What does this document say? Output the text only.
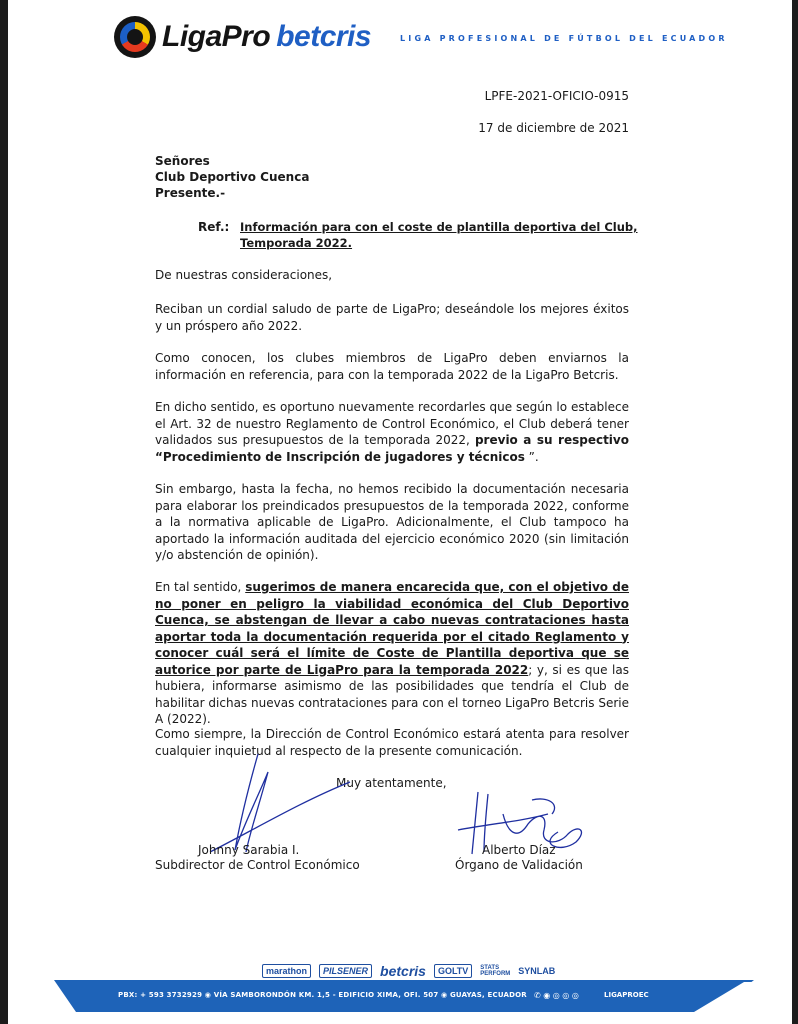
LigaPro betcris	LIGA PROFESIONAL DE FÚTBOL DEL ECUADOR
LPFE-2021-OFICIO-0915
17 de diciembre de 2021
Señores
Club Deportivo Cuenca
Presente.-
Ref.: Información para con el coste de plantilla deportiva del Club,
Temporada 2022.
De nuestras consideraciones,
Reciban un cordial saludo de parte de LigaPro; deseándole los mejores éxitos y un próspero año 2022.
Como conocen, los clubes miembros de LigaPro deben enviarnos la información en referencia, para con la temporada 2022 de la LigaPro Betcris.
En dicho sentido, es oportuno nuevamente recordarles que según lo establece el Art. 32 de nuestro Reglamento de Control Económico, el Club deberá tener validados sus presupuestos de la temporada 2022, previo a su respectivo “Procedimiento de Inscripción de jugadores y técnicos ”.
Sin embargo, hasta la fecha, no hemos recibido la documentación necesaria para elaborar los preindicados presupuestos de la temporada 2022, conforme a la normativa aplicable de LigaPro. Adicionalmente, el Club tampoco ha aportado la información auditada del ejercicio económico 2020 (sin limitación y/o abstención de opinión).
En tal sentido, sugerimos de manera encarecida que, con el objetivo de no poner en peligro la viabilidad económica del Club Deportivo Cuenca, se abstengan de llevar a cabo nuevas contrataciones hasta aportar toda la documentación requerida por el citado Reglamento y conocer cuál será el límite de Coste de Plantilla deportiva que se autorice por parte de LigaPro para la temporada 2022; y, si es que las hubiera, informarse asimismo de las posibilidades que tendría el Club de habilitar dichas nuevas contrataciones para con el torneo LigaPro Betcris Serie A (2022).
Como siempre, la Dirección de Control Económico estará atenta para resolver cualquier inquietud al respecto de la presente comunicación.
Muy atentamente,
Johnny Sarabia I.
Subdirector de Control Económico
Alberto Díaz
Órgano de Validación
marathon	PILSENER betcris	GOLTV	STATS PERFORM SYNLAB
PBX: + 593 3732929 ◉ VÍA SAMBORONDÓN KM. 1,5 - EDIFICIO XIMA, OFI. 507 ◉ GUAYAS, ECUADOR ✆ ◉ ◎ ◎ ◎	LIGAPROEC
